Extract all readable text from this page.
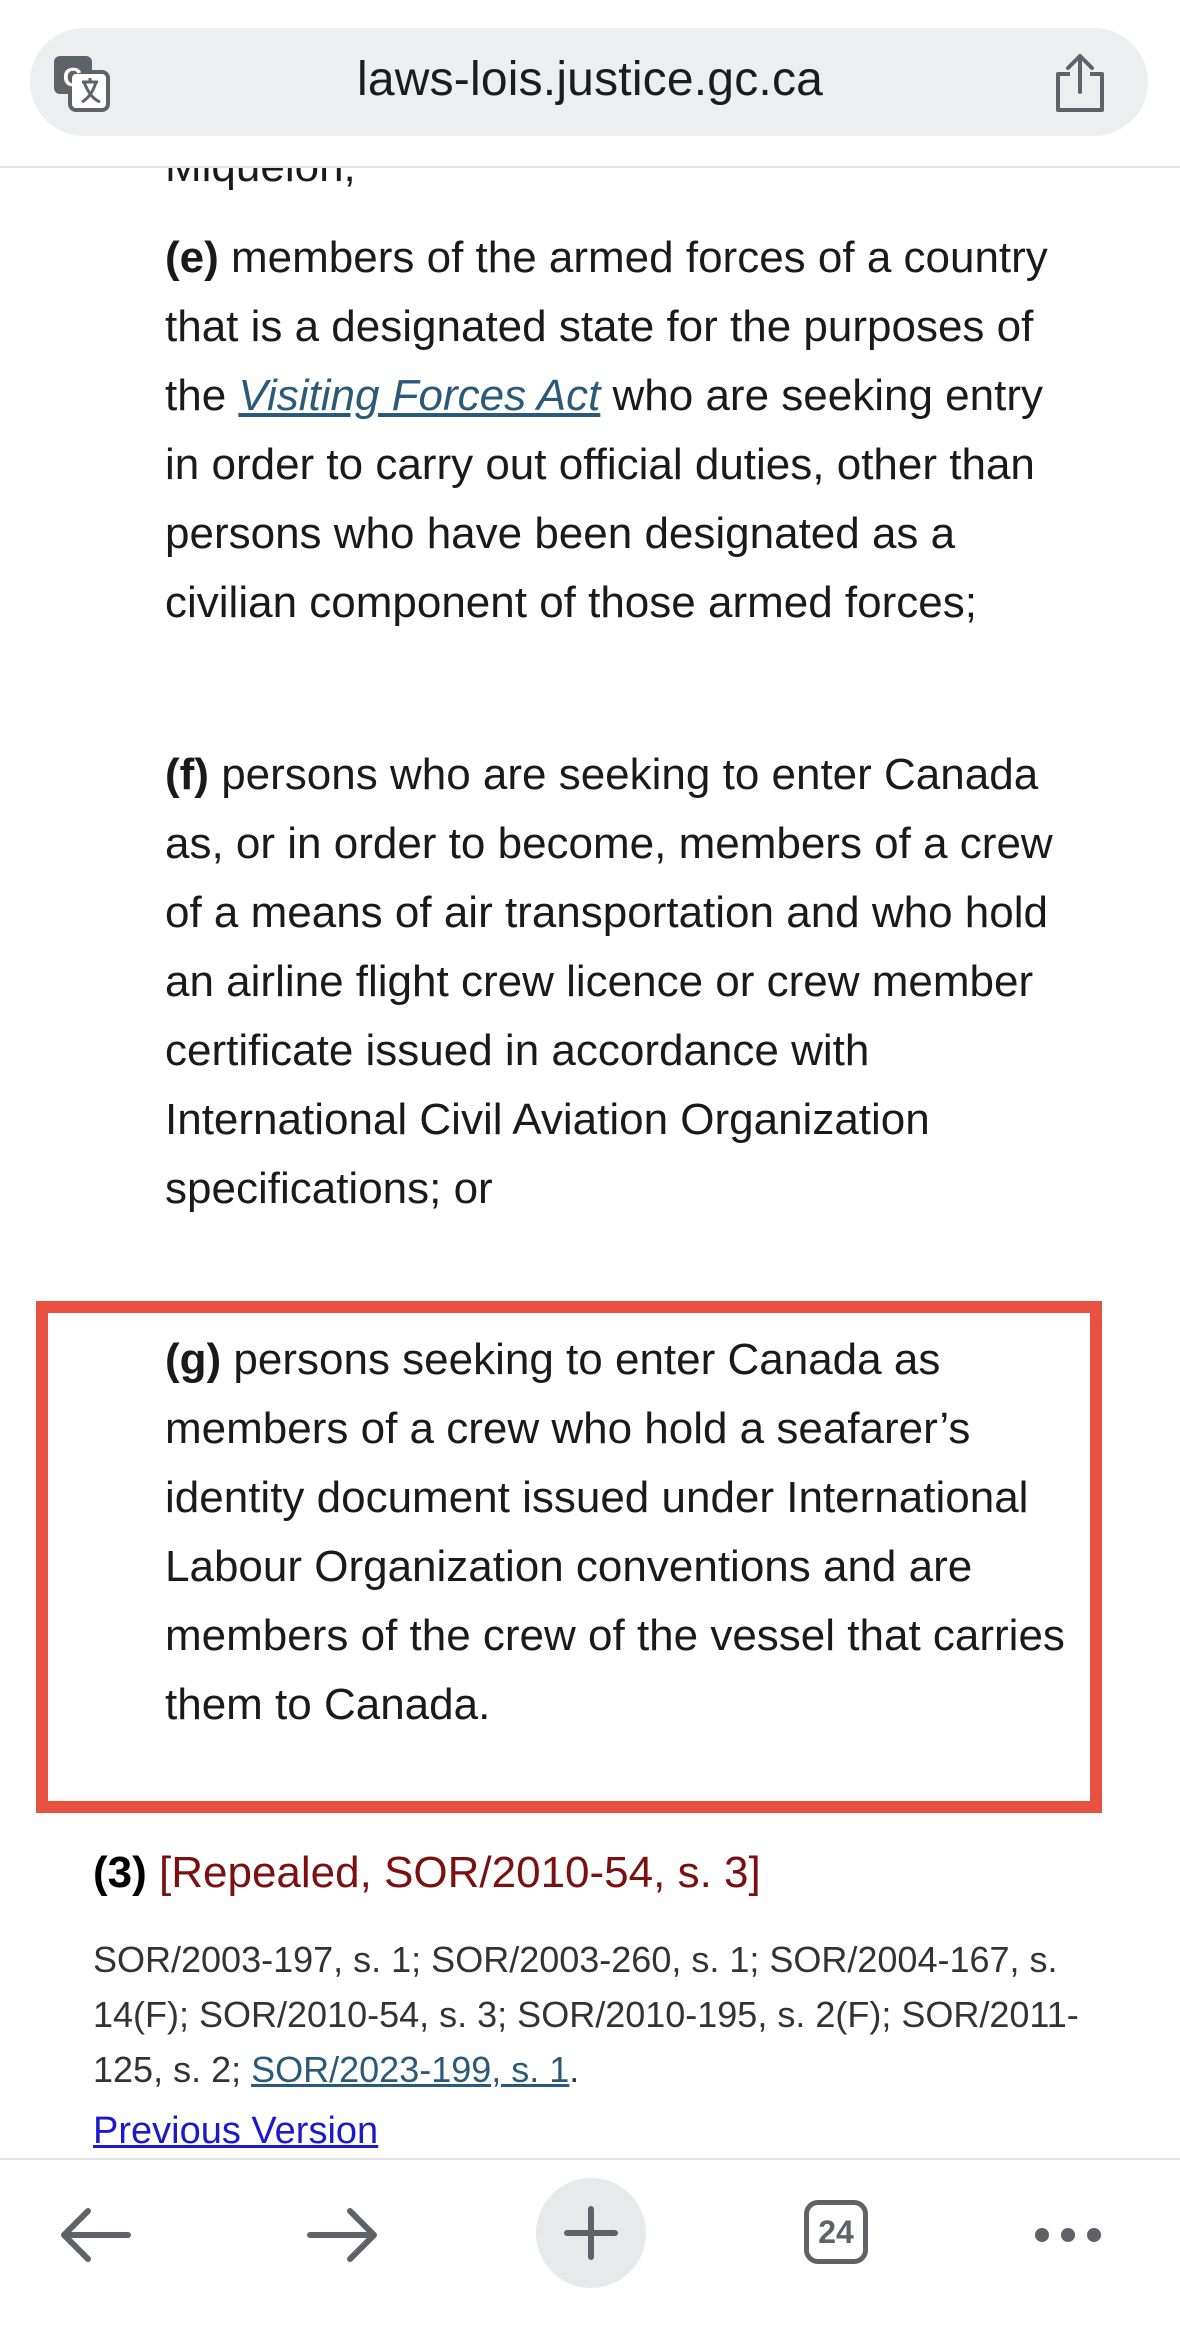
(e) members of the armed forces of a country that is a designated state for the purposes of the Visiting Forces Act who are seeking entry in order to carry out official duties, other than persons who have been designated as a civilian component of those armed forces;

(f) persons who are seeking to enter Canada as, or in order to become, members of a crew of a means of air transportation and who hold an airline flight crew licence or crew member certificate issued in accordance with International Civil Aviation Organization specifications; or

(g) persons seeking to enter Canada as members of a crew who hold a seafarer’s identity document issued under International Labour Organization conventions and are members of the crew of the vessel that carries them to Canada.

(3) [Repealed, SOR/2010-54, s. 3]
SOR/2003-197, s. 1; SOR/2003-260, s. 1; SOR/2004-167, s. 14(F); SOR/2010-54, s. 3; SOR/2010-195, s. 2(F); SOR/2011-125, s. 2; SOR/2023-199, s. 1.
Previous Version
G	laws-lois.justice.gc.ca
24
